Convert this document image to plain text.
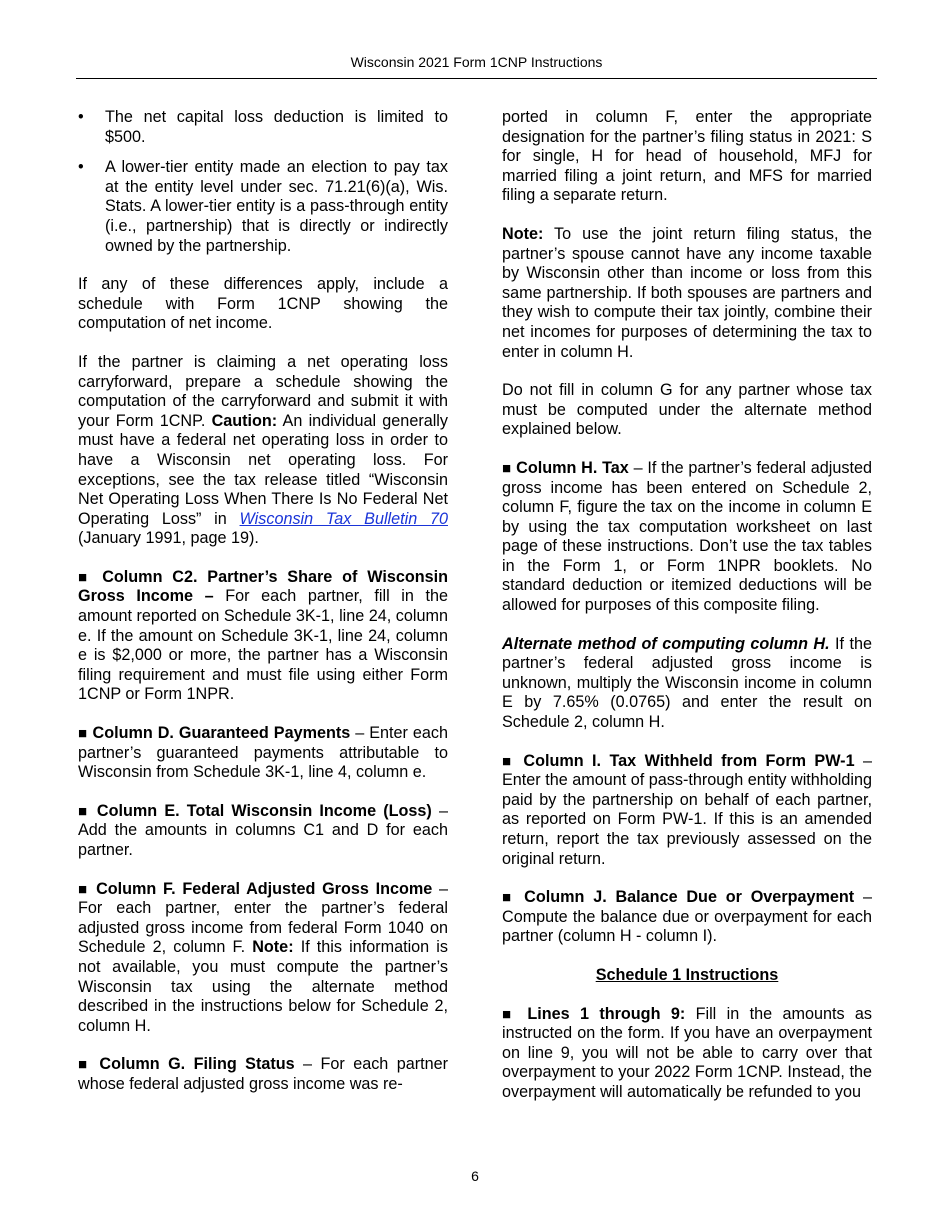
Wisconsin 2021 Form 1CNP Instructions
• The net capital loss deduction is limited to $500.
• A lower-tier entity made an election to pay tax at the entity level under sec. 71.21(6)(a), Wis. Stats. A lower-tier entity is a pass-through entity (i.e., partnership) that is directly or indirectly owned by the partnership.

If any of these differences apply, include a schedule with Form 1CNP showing the computation of net income.

If the partner is claiming a net operating loss carryforward, prepare a schedule showing the computation of the carryforward and submit it with your Form 1CNP. Caution: An individual generally must have a federal net operating loss in order to have a Wisconsin net operating loss. For exceptions, see the tax release titled “Wisconsin Net Operating Loss When There Is No Federal Net Operating Loss” in Wisconsin Tax Bulletin 70 (January 1991, page 19).

■ Column C2. Partner’s Share of Wisconsin Gross Income – For each partner, fill in the amount reported on Schedule 3K-1, line 24, column e. If the amount on Schedule 3K-1, line 24, column e is $2,000 or more, the partner has a Wisconsin filing requirement and must file using either Form 1CNP or Form 1NPR.

■ Column D. Guaranteed Payments – Enter each partner’s guaranteed payments attributable to Wisconsin from Schedule 3K-1, line 4, column e.

■ Column E. Total Wisconsin Income (Loss) – Add the amounts in columns C1 and D for each partner.

■ Column F. Federal Adjusted Gross Income – For each partner, enter the partner’s federal adjusted gross income from federal Form 1040 on Schedule 2, column F. Note: If this information is not available, you must compute the partner’s Wisconsin tax using the alternate method described in the instructions below for Schedule 2, column H.

■ Column G. Filing Status – For each partner whose federal adjusted gross income was re-

ported in column F, enter the appropriate designation for the partner’s filing status in 2021: S for single, H for head of household, MFJ for married filing a joint return, and MFS for married filing a separate return.

Note: To use the joint return filing status, the partner’s spouse cannot have any income taxable by Wisconsin other than income or loss from this same partnership. If both spouses are partners and they wish to compute their tax jointly, combine their net incomes for purposes of determining the tax to enter in column H.

Do not fill in column G for any partner whose tax must be computed under the alternate method explained below.

■ Column H. Tax – If the partner’s federal adjusted gross income has been entered on Schedule 2, column F, figure the tax on the income in column E by using the tax computation worksheet on last page of these instructions. Don’t use the tax tables in the Form 1, or Form 1NPR booklets. No standard deduction or itemized deductions will be allowed for purposes of this composite filing.

Alternate method of computing column H. If the partner’s federal adjusted gross income is unknown, multiply the Wisconsin income in column E by 7.65% (0.0765) and enter the result on Schedule 2, column H.

■ Column I. Tax Withheld from Form PW-1 – Enter the amount of pass-through entity withholding paid by the partnership on behalf of each partner, as reported on Form PW-1. If this is an amended return, report the tax previously assessed on the original return.

■ Column J. Balance Due or Overpayment – Compute the balance due or overpayment for each partner (column H - column I).

Schedule 1 Instructions

■ Lines 1 through 9: Fill in the amounts as instructed on the form. If you have an overpayment on line 9, you will not be able to carry over that overpayment to your 2022 Form 1CNP. Instead, the overpayment will automatically be refunded to you

6
